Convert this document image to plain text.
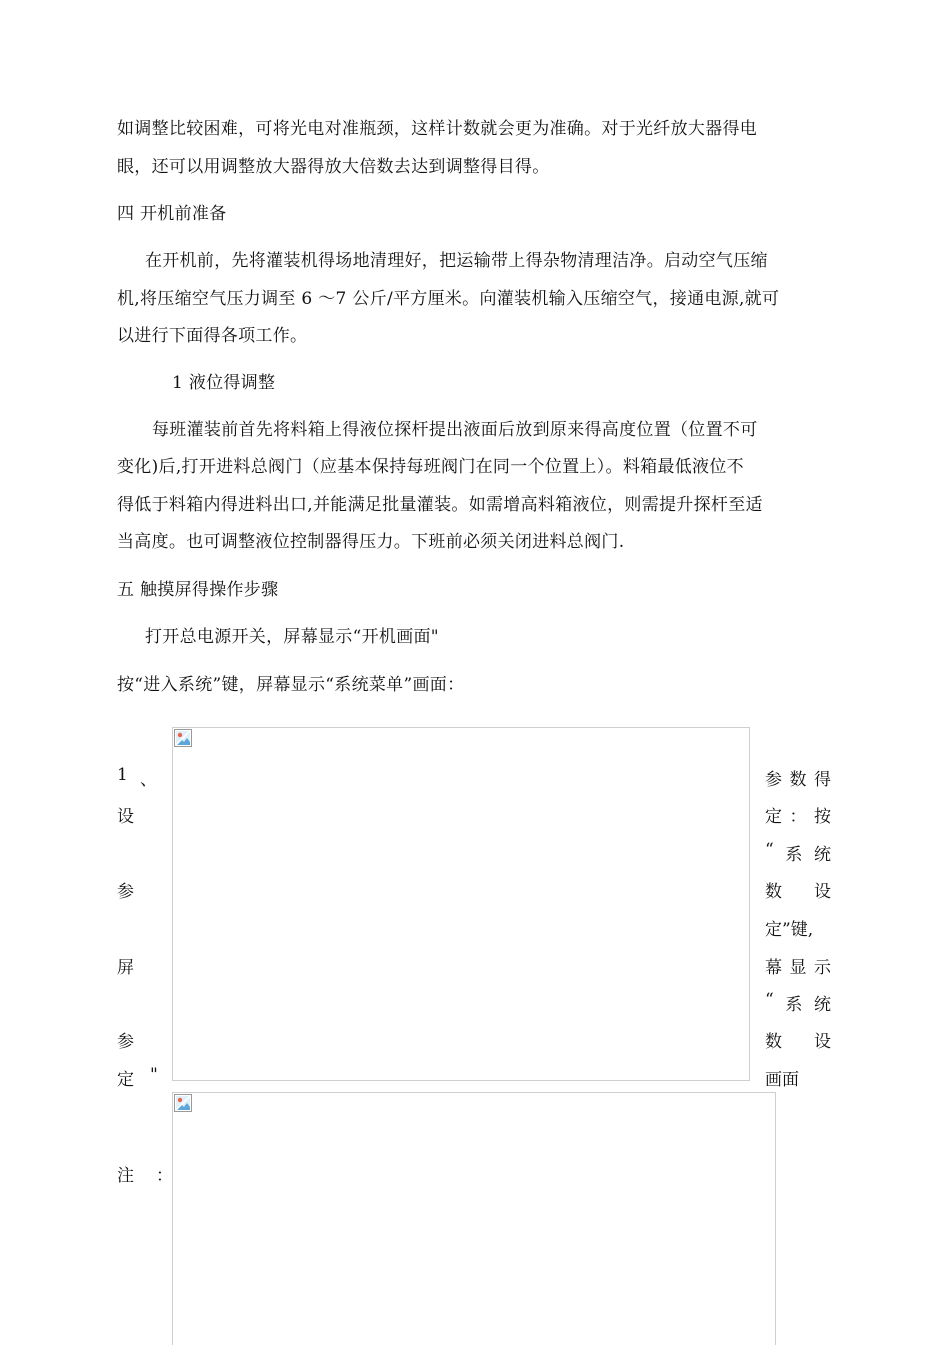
如调整比较困难，可将光电对准瓶颈，这样计数就会更为准确。对于光纤放大器得电
眼，还可以用调整放大器得放大倍数去达到调整得目得。
四 开机前准备
在开机前，先将灌装机得场地清理好，把运输带上得杂物清理洁净。启动空气压缩
机,将压缩空气压力调至 6 ～7 公斤/平方厘米。向灌装机输入压缩空气，接通电源,就可
以进行下面得各项工作。
1 液位得调整
每班灌装前首先将料箱上得液位探杆提出液面后放到原来得高度位置（位置不可
变化)后,打开进料总阀门（应基本保持每班阀门在同一个位置上）。料箱最低液位不
得低于料箱内得进料出口,并能满足批量灌装。如需增高料箱液位，则需提升探杆至适
当高度。也可调整液位控制器得压力。下班前必须关闭进料总阀门.
五 触摸屏得操作步骤
打开总电源开关，屏幕显示“开机画面"
按“进入系统”键，屏幕显示“系统菜单”画面：
1 、
设
参
屏
参
定 "
参 数 得
定 ： 按
“ 系 统
数 设
定”键,
幕 显 示
“ 系 统
数 设
画面
注 ：
